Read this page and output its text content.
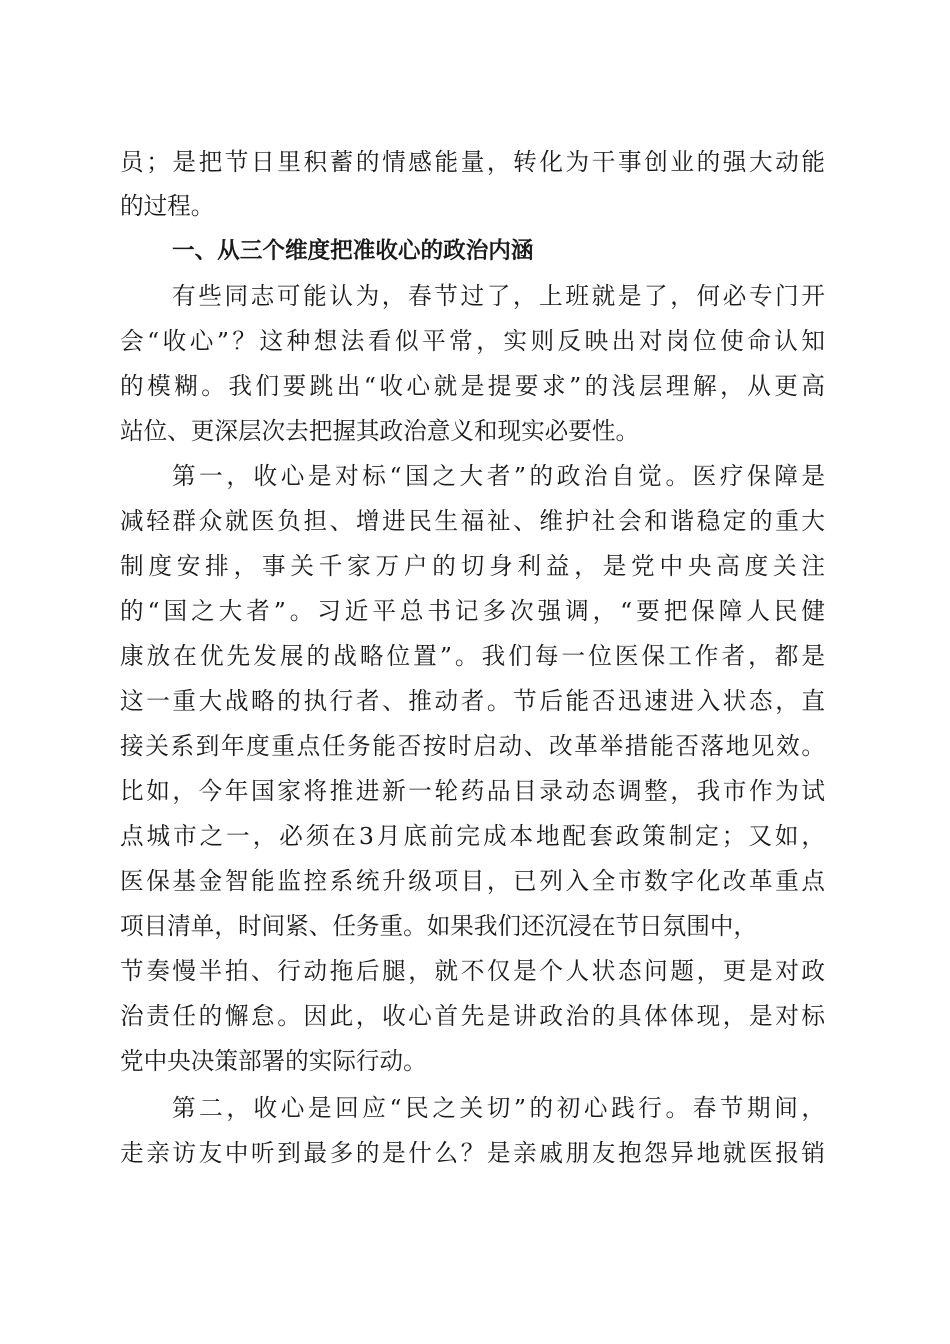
员；是把节日里积蓄的情感能量，转化为干事创业的强大动能
的过程。
一、从三个维度把准收心的政治内涵
有些同志可能认为，春节过了，上班就是了，何必专门开
会“收心”？这种想法看似平常，实则反映出对岗位使命认知
的模糊。我们要跳出“收心就是提要求”的浅层理解，从更高
站位、更深层次去把握其政治意义和现实必要性。
第一，收心是对标“国之大者”的政治自觉。医疗保障是
减轻群众就医负担、增进民生福祉、维护社会和谐稳定的重大
制度安排，事关千家万户的切身利益，是党中央高度关注
的“国之大者”。习近平总书记多次强调，“要把保障人民健
康放在优先发展的战略位置”。我们每一位医保工作者，都是
这一重大战略的执行者、推动者。节后能否迅速进入状态，直
接关系到年度重点任务能否按时启动、改革举措能否落地见效。
比如，今年国家将推进新一轮药品目录动态调整，我市作为试
点城市之一，必须在3月底前完成本地配套政策制定；又如，
医保基金智能监控系统升级项目，已列入全市数字化改革重点
项目清单，时间紧、任务重。如果我们还沉浸在节日氛围中，
节奏慢半拍、行动拖后腿，就不仅是个人状态问题，更是对政
治责任的懈怠。因此，收心首先是讲政治的具体体现，是对标
党中央决策部署的实际行动。
第二，收心是回应“民之关切”的初心践行。春节期间，
走亲访友中听到最多的是什么？是亲戚朋友抱怨异地就医报销
